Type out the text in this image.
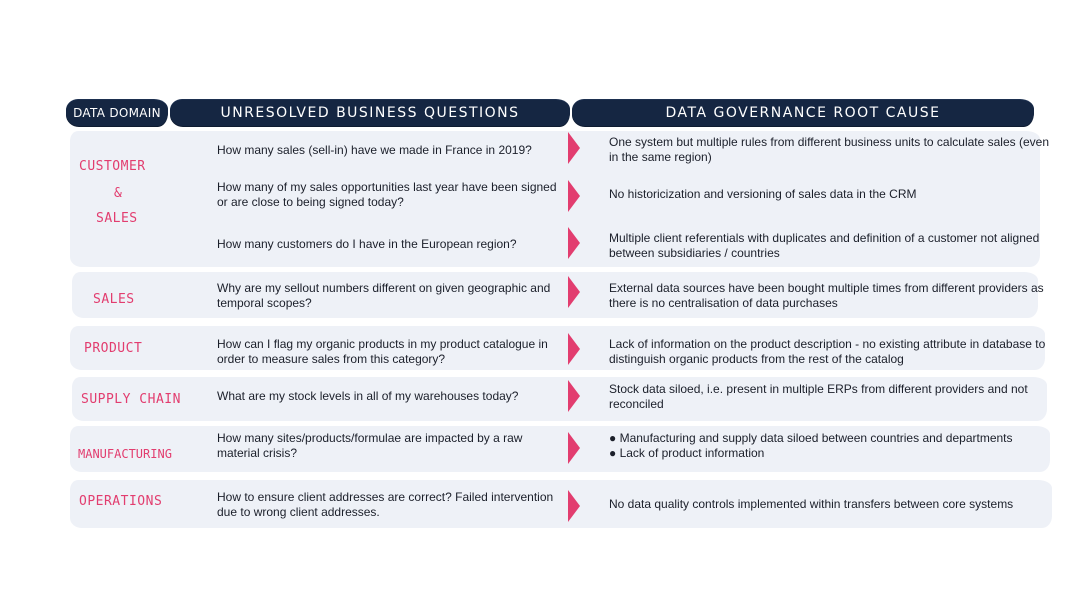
DATA DOMAIN	UNRESOLVED BUSINESS QUESTIONS	DATA GOVERNANCE ROOT CAUSE
CUSTOMER
&
SALES
SALES
PRODUCT
SUPPLY CHAIN
MANUFACTURING
OPERATIONS
How many sales (sell-in) have we made in France in 2019?
How many of my sales opportunities last year have been signed or are close to being signed today?
How many customers do I have in the European region?
Why are my sellout numbers different on given geographic and temporal scopes?
How can I flag my organic products in my product catalogue in order to measure sales from this category?
What are my stock levels in all of my warehouses today?
How many sites/products/formulae are impacted by a raw material crisis?
How to ensure client addresses are correct? Failed intervention due to wrong client addresses.
One system but multiple rules from different business units to calculate sales (even in the same region)
No historicization and versioning of sales data in the CRM
Multiple client referentials with duplicates and definition of a customer not aligned between subsidiaries / countries
External data sources have been bought multiple times from different providers as there is no centralisation of data purchases
Lack of information on the product description - no existing attribute in database to distinguish organic products from the rest of the catalog
Stock data siloed, i.e. present in multiple ERPs from different providers and not reconciled
● Manufacturing and supply data siloed between countries and departments
● Lack of product information
No data quality controls implemented within transfers between core systems
